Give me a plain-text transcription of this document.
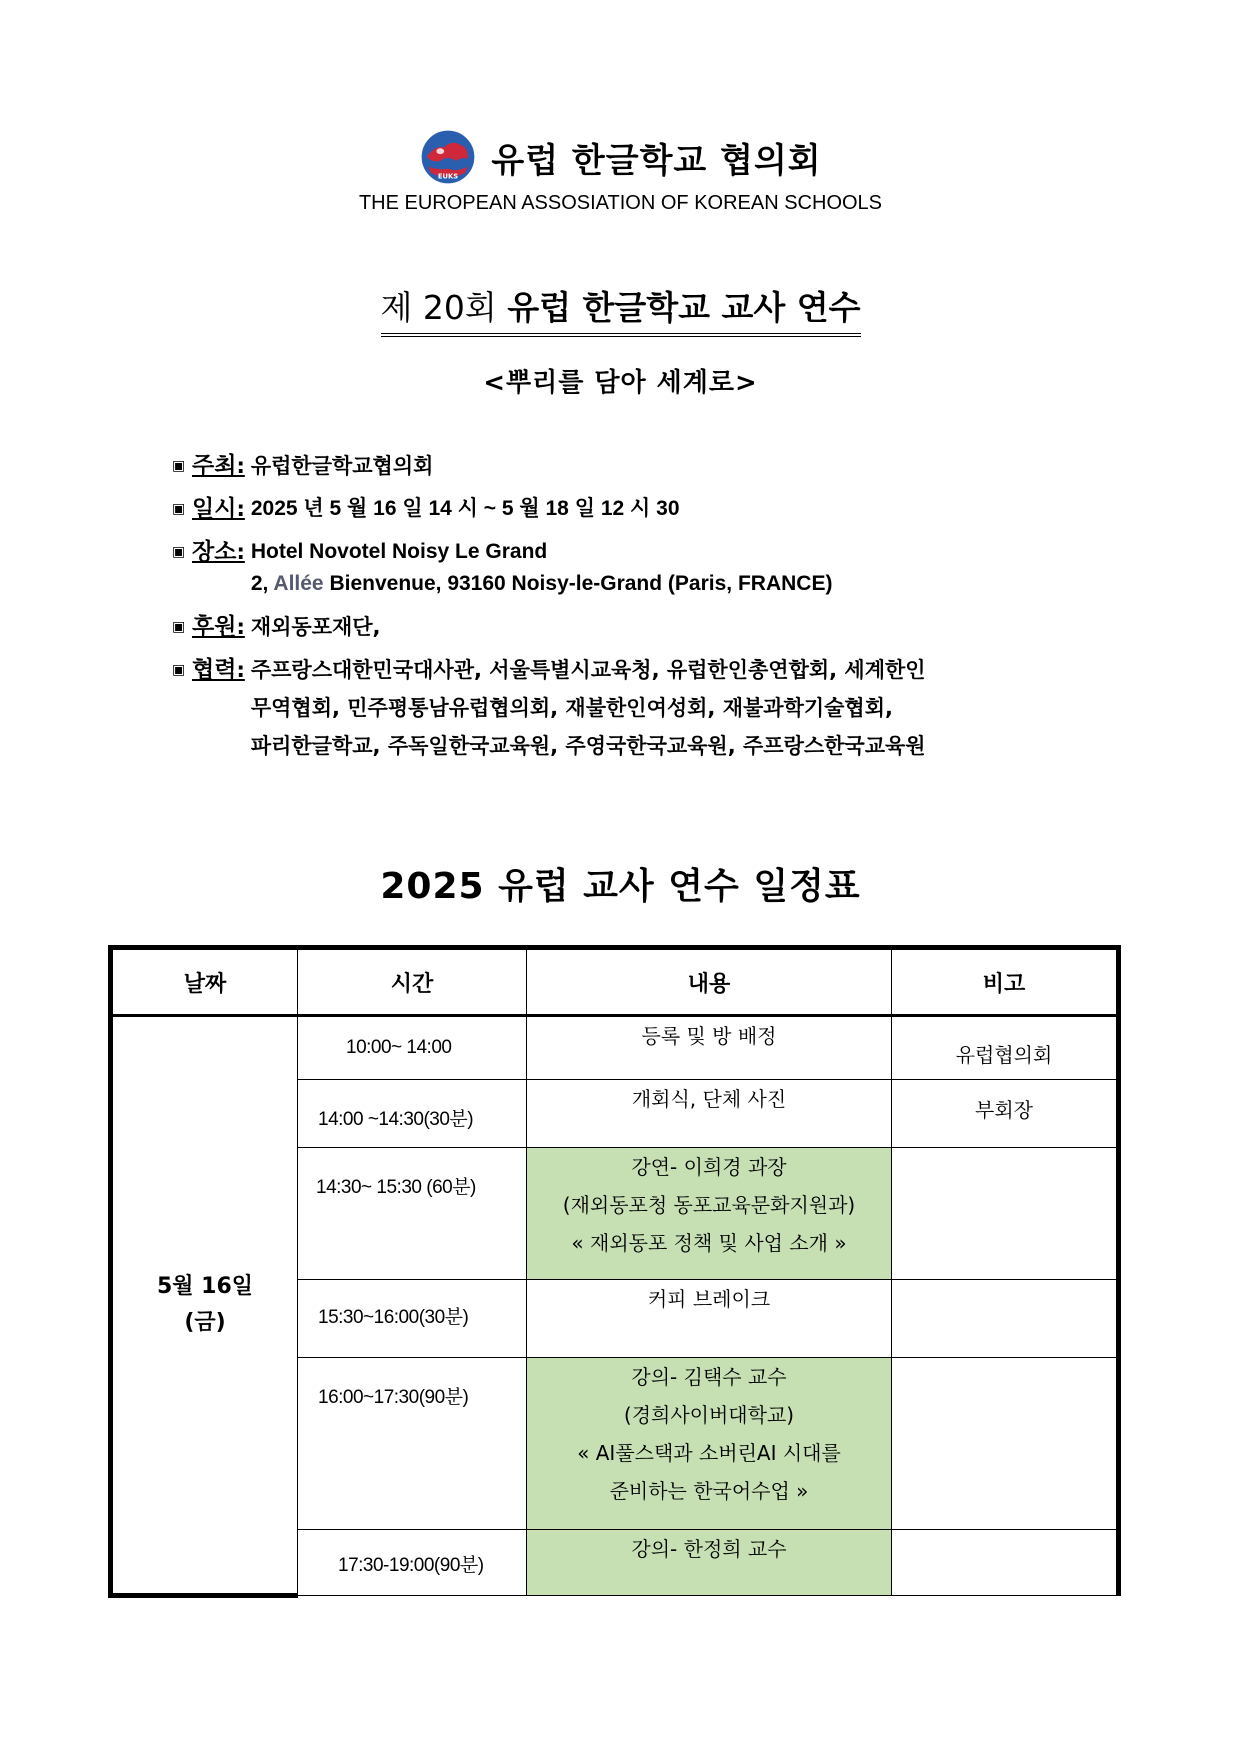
EUKS 유럽 한글학교 협의회
THE EUROPEAN ASSOSIATION OF KOREAN SCHOOLS
제 20회 유럽 한글학교 교사 연수
<뿌리를 담아 세계로>
▣ 주최 : 유럽한글학교협의회
▣ 일시 : 2025 년 5 월 16 일 14 시 ~ 5 월 18 일 12 시 30
▣ 장소 : Hotel Novotel Noisy Le Grand
2, Allée Bienvenue, 93160 Noisy-le-Grand (Paris, FRANCE)
▣ 후원 : 재외동포재단,
▣ 협력 : 주프랑스대한민국대사관, 서울특별시교육청, 유럽한인총연합회, 세계한인
무역협회, 민주평통남유럽협의회, 재불한인여성회, 재불과학기술협회,
파리한글학교, 주독일한국교육원, 주영국한국교육원, 주프랑스한국교육원
2025 유럽 교사 연수 일정표
날짜	시간	내용	비고

5월 16일
(금)	10:00~ 14:00	등록 및 방 배정	유럽협의회
	14:00 ~14:30(30분)	개회식, 단체 사진	부회장
	14:30~ 15:30 (60분)	강연- 이희경 과장
(재외동포청 동포교육문화지원과)
« 재외동포 정책 및 사업 소개 »	

	15:30~16:00(30분)	커피 브레이크	

	16:00~17:30(90분)	강의- 김택수 교수
(경희사이버대학교)
« AI풀스택과 소버린AI 시대를
준비하는 한국어수업 »	

	17:30-19:00(90분)	강의- 한정희 교수	
